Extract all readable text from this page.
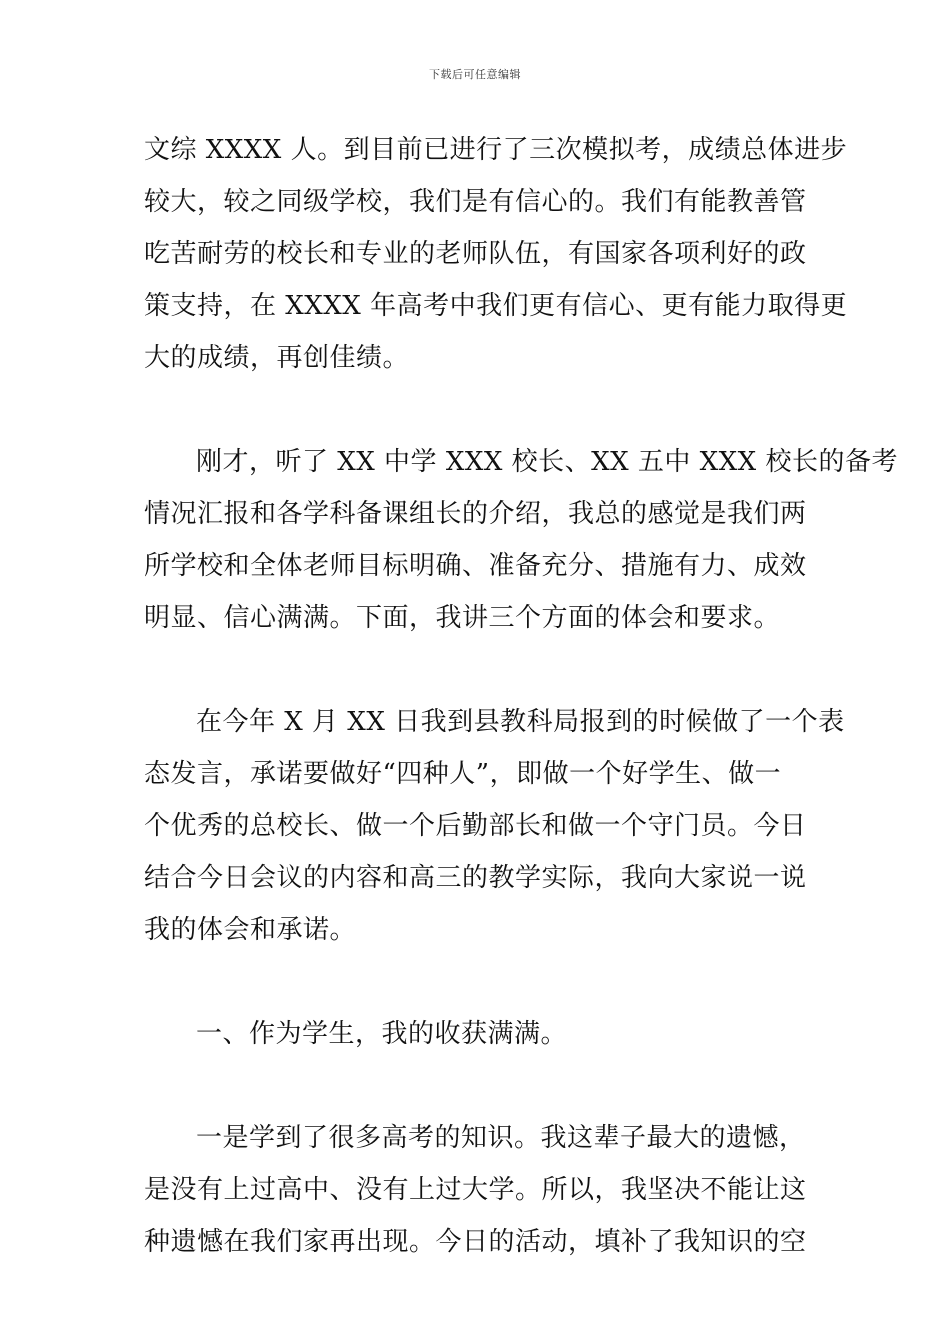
下载后可任意编辑

文综 XXXX 人。到目前已进行了三次模拟考，成绩总体进步
较大，较之同级学校，我们是有信心的。我们有能教善管
吃苦耐劳的校长和专业的老师队伍，有国家各项利好的政
策支持，在 XXXX 年高考中我们更有信心、更有能力取得更
大的成绩，再创佳绩。

刚才，听了 XX 中学 XXX 校长、XX 五中 XXX 校长的备考
情况汇报和各学科备课组长的介绍，我总的感觉是我们两
所学校和全体老师目标明确、准备充分、措施有力、成效
明显、信心满满。下面，我讲三个方面的体会和要求。

在今年 X 月 XX 日我到县教科局报到的时候做了一个表
态发言，承诺要做好“四种人”，即做一个好学生、做一
个优秀的总校长、做一个后勤部长和做一个守门员。今日
结合今日会议的内容和高三的教学实际，我向大家说一说
我的体会和承诺。

一、作为学生，我的收获满满。

一是学到了很多高考的知识。我这辈子最大的遗憾，
是没有上过高中、没有上过大学。所以，我坚决不能让这
种遗憾在我们家再出现。今日的活动，填补了我知识的空
